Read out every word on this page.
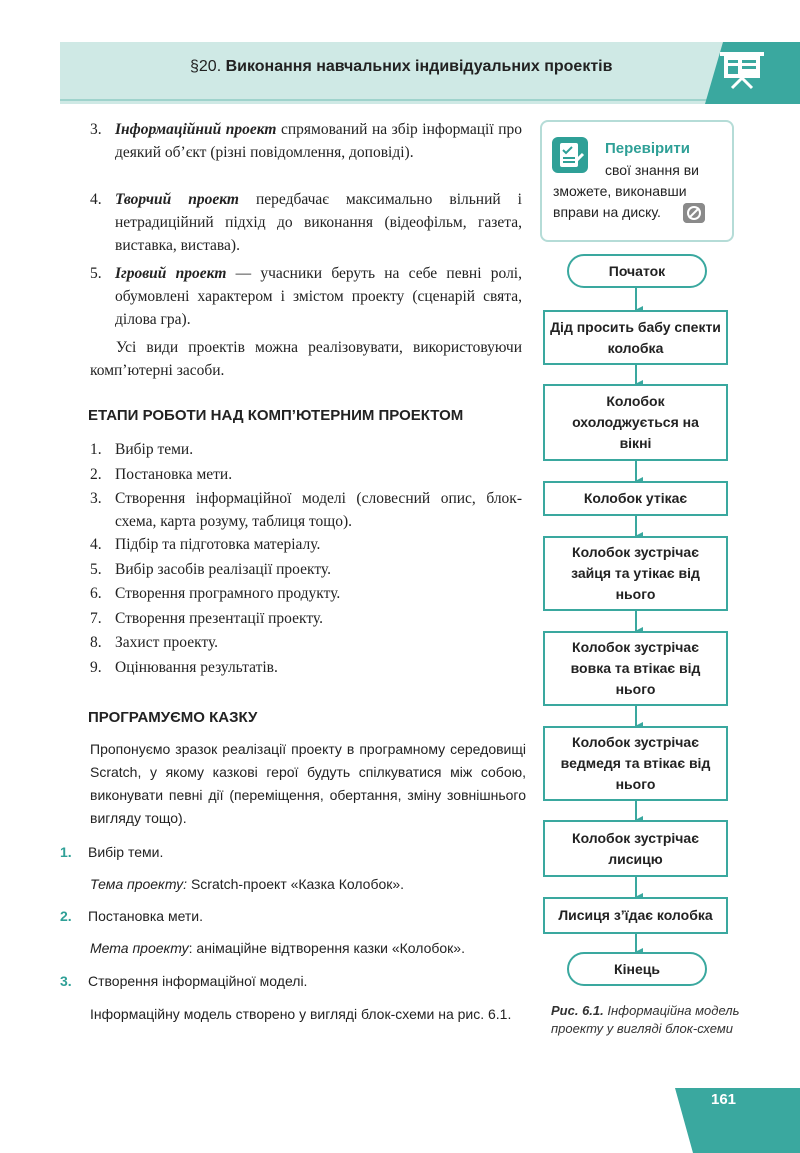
§20. Виконання навчальних індивідуальних проектів
3. Інформаційний проект спрямований на збір інформації про деякий об’єкт (різні повідомлення, доповіді).
4. Творчий проект передбачає максимально вільний і нетрадиційний підхід до виконання (відеофільм, газета, виставка, вистава).
5. Ігровий проект — учасники беруть на себе певні ролі, обумовлені характером і змістом проекту (сценарій свята, ділова гра).
Усі види проектів можна реалізовувати, використовуючи комп’ютерні засоби.
ЕТАПИ РОБОТИ НАД КОМП’ЮТЕРНИМ ПРОЕКТОМ
1. Вибір теми.
2. Постановка мети.
3. Створення інформаційної моделі (словесний опис, блок-схема, карта розуму, таблиця тощо).
4. Підбір та підготовка матеріалу.
5. Вибір засобів реалізації проекту.
6. Створення програмного продукту.
7. Створення презентації проекту.
8. Захист проекту.
9. Оцінювання результатів.
ПРОГРАМУЄМО КАЗКУ
Пропонуємо зразок реалізації проекту в програмному середовищі Scratch, у якому казкові герої будуть спілкуватися між собою, виконувати певні дії (переміщення, обертання, зміну зовнішнього вигляду тощо).
1. Вибір теми.
Тема проекту: Scratch-проект «Казка Колобок».
2. Постановка мети.
Мета проекту: анімаційне відтворення казки «Колобок».
3. Створення інформаційної моделі.
Інформаційну модель створено у вигляді блок-схеми на рис. 6.1.
Перевірити
свої знання ви
зможете, виконавши
вправи на диску.
Початок
Дід просить бабу спекти колобка
Колобок охолоджується на вікні
Колобок утікає
Колобок зустрічає зайця та утікає від нього
Колобок зустрічає вовка та втікає від нього
Колобок зустрічає ведмедя та втікає від нього
Колобок зустрічає лисицю
Лисиця з’їдає колобка
Кінець
Рис. 6.1. Інформаційна модель проекту у вигляді блок-схеми
161
